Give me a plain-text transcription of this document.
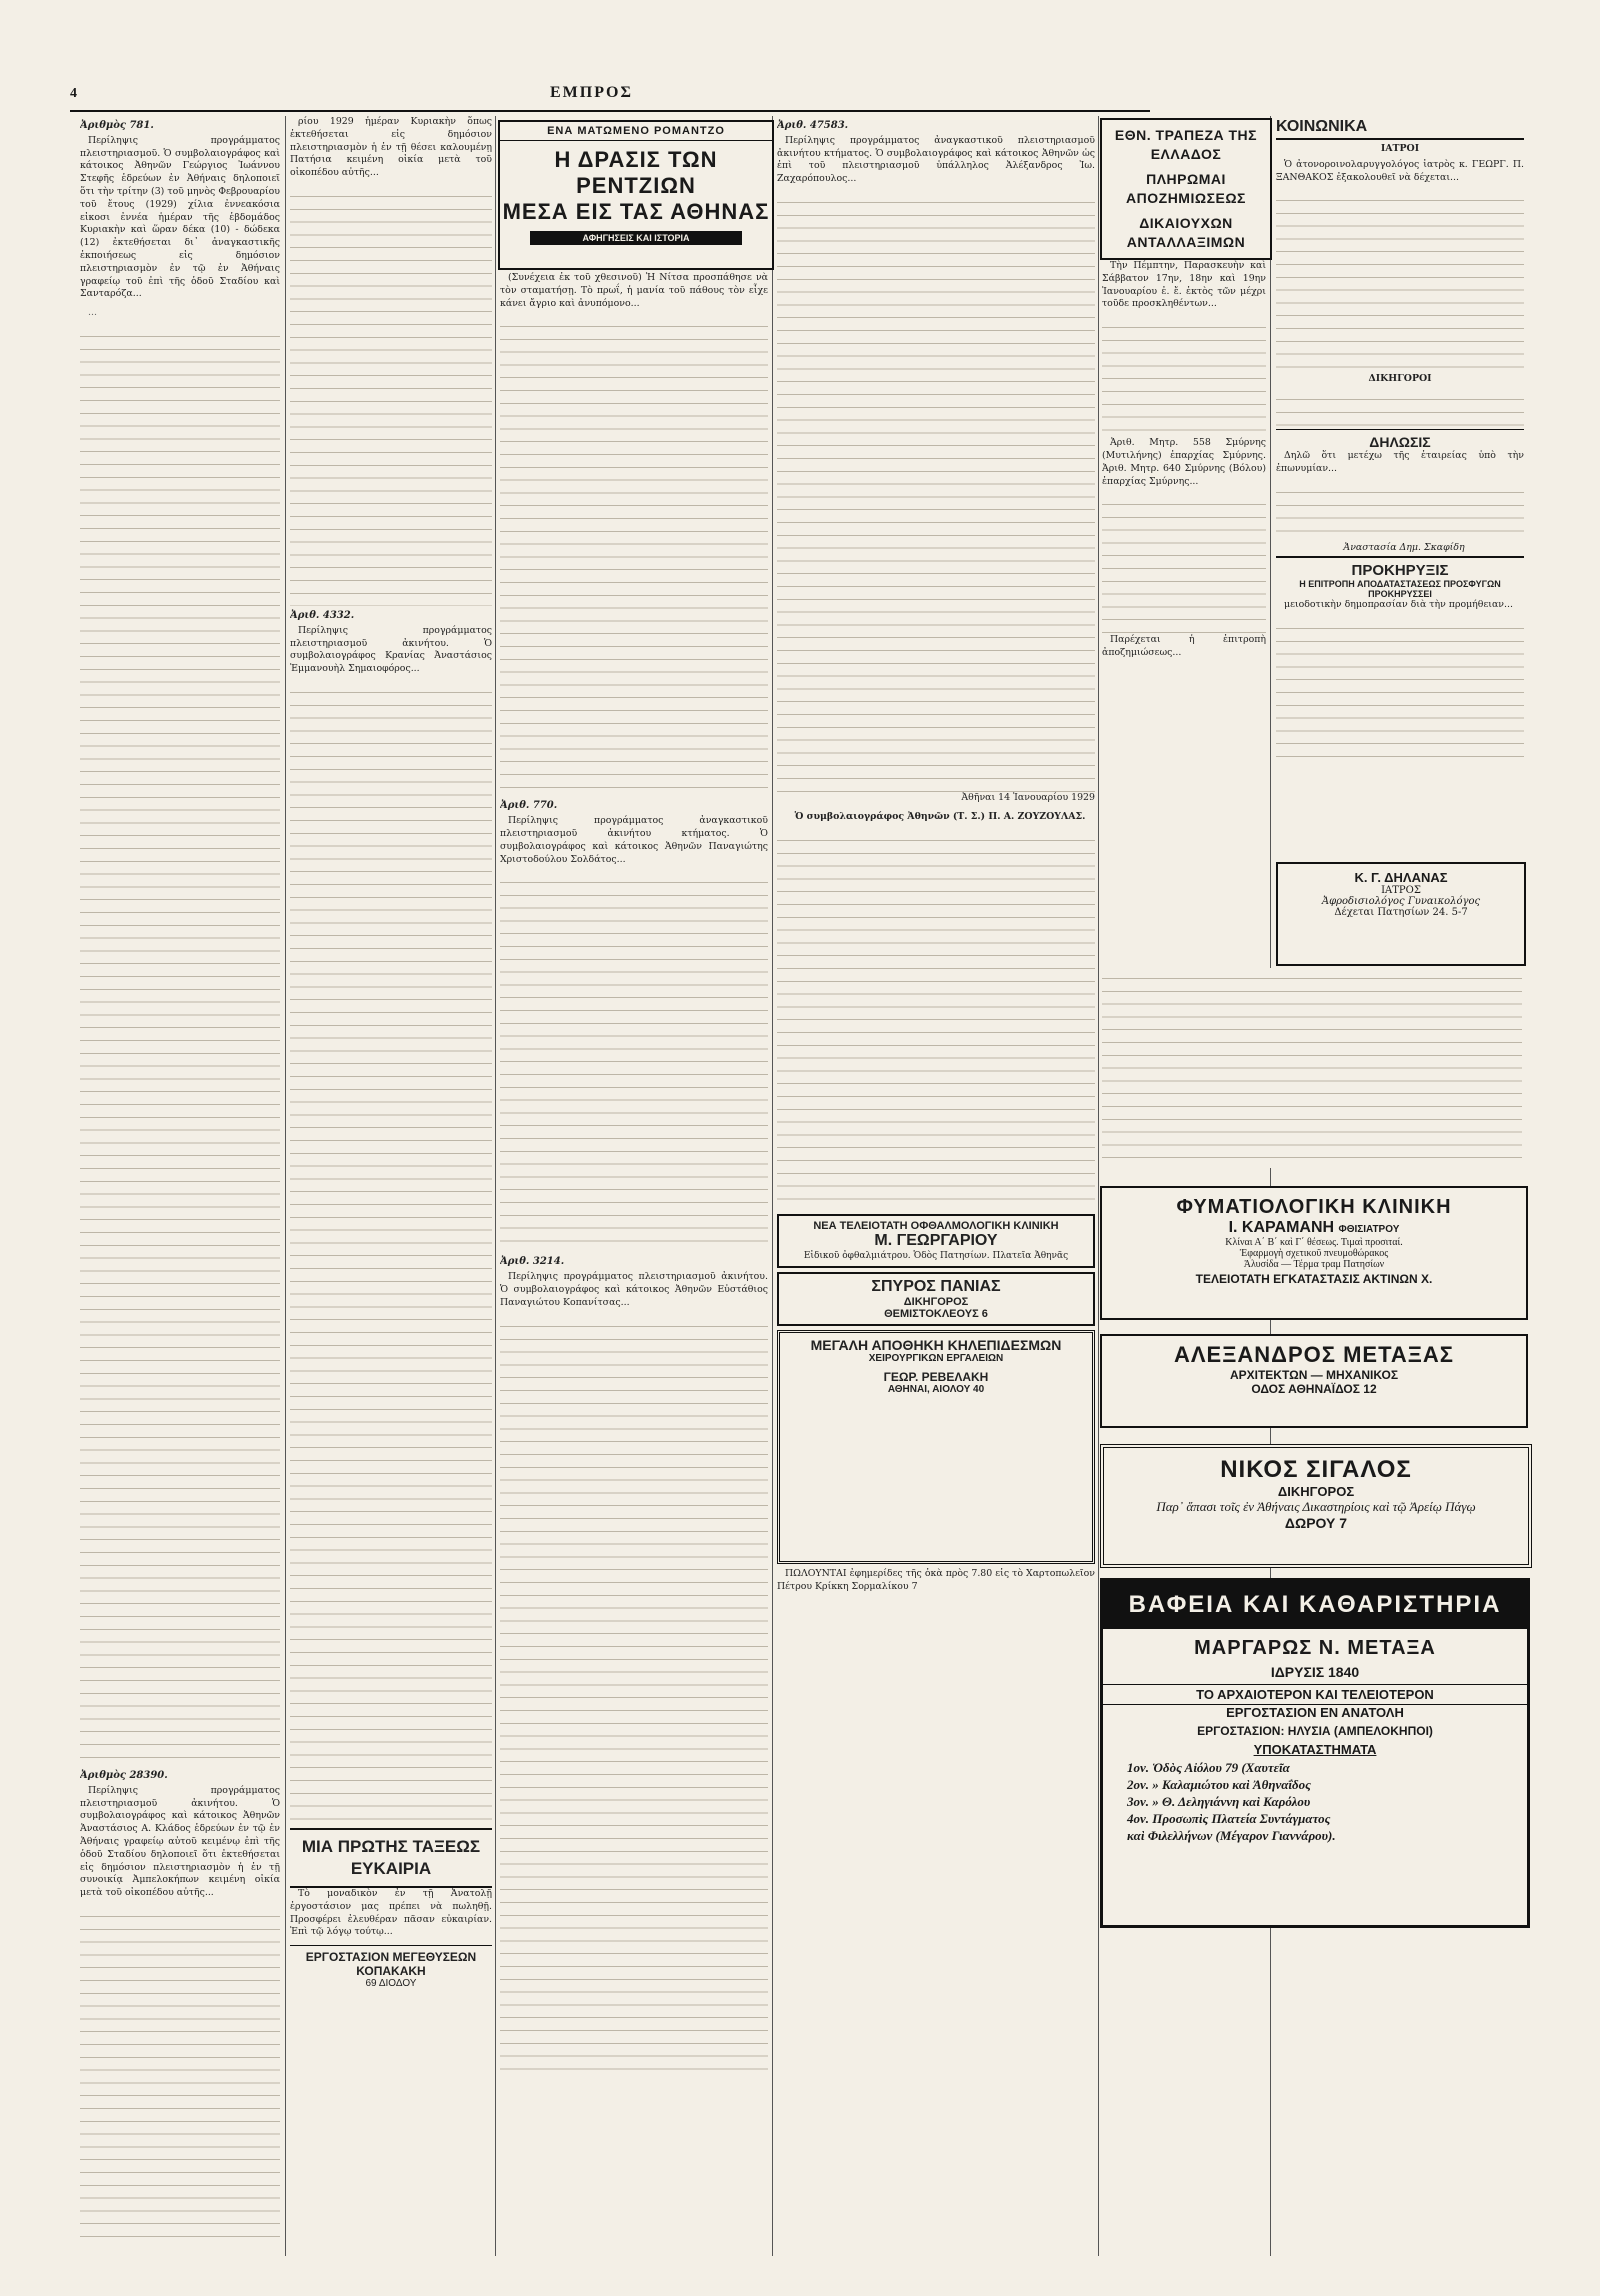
4	ΕΜΠΡΟΣ
Ἀριθμὸς 781.

Περίληψις προγράμματος πλειστηριασμοῦ. Ὁ συμβολαιογράφος καὶ κάτοικος Ἀθηνῶν Γεώργιος Ἰωάννου Στεφῆς ἑδρεύων ἐν Ἀθήναις δηλοποιεῖ ὅτι τὴν τρίτην (3) τοῦ μηνὸς Φεβρουαρίου τοῦ ἔτους (1929) χίλια ἐννεακόσια εἰκοσι ἐννέα ἡμέραν τῆς ἑβδομάδος Κυριακὴν καὶ ὥραν δέκα (10) - δώδεκα (12) ἐκτεθήσεται δι᾽ ἀναγκαστικῆς ἐκποιήσεως εἰς δημόσιον πλειστηριασμὸν ἐν τῷ ἐν Ἀθήναις γραφείῳ τοῦ ἐπὶ τῆς ὁδοῦ Σταδίου καὶ Σανταρόζα...

...

Ἀριθμὸς 28390.

Περίληψις προγράμματος πλειστηριασμοῦ ἀκινήτου. Ὁ συμβολαιογράφος καὶ κάτοικος Ἀθηνῶν Ἀναστάσιος Α. Κλάδος ἑδρεύων ἐν τῷ ἐν Ἀθήναις γραφείῳ αὐτοῦ κειμένῳ ἐπὶ τῆς ὁδοῦ Σταδίου δηλοποιεῖ ὅτι ἐκτεθήσεται εἰς δημόσιον πλειστηριασμὸν ἡ ἐν τῇ συνοικίᾳ Ἀμπελοκήπων κειμένη οἰκία μετὰ τοῦ οἰκοπέδου αὐτῆς...

ρίου 1929 ἡμέραν Κυριακὴν ὅπως ἐκτεθήσεται εἰς δημόσιον πλειστηριασμὸν ἡ ἐν τῇ θέσει καλουμένῃ Πατήσια κειμένη οἰκία μετὰ τοῦ οἰκοπέδου αὐτῆς...

Ἀριθ. 4332.

Περίληψις προγράμματος πλειστηριασμοῦ ἀκινήτου. Ὁ συμβολαιογράφος Κρανίας Ἀναστάσιος Ἐμμανουὴλ Σημαιοφόρος...

ΜΙΑ ΠΡΩΤΗΣ ΤΑΞΕΩΣ ΕΥΚΑΙΡΙΑ

Τὸ μοναδικὸν ἐν τῇ Ἀνατολῇ ἐργοστάσιον μας πρέπει νὰ πωληθῇ. Προσφέρει ἐλευθέραν πᾶσαν εὐκαιρίαν. Ἐπὶ τῷ λόγῳ τούτῳ...

ΕΡΓΟΣΤΑΣΙΟΝ ΜΕΓΕΘΥΣΕΩΝ ΚΟΠΑΚΑΚΗ
69 ΔΙΟΔΟΥ
ΕΝΑ ΜΑΤΩΜΕΝΟ ΡΟΜΑΝΤΖΟ
Η ΔΡΑΣΙΣ ΤΩΝ ΡΕΝΤΖΙΩΝ
ΜΕΣΑ ΕΙΣ ΤΑΣ ΑΘΗΝΑΣ
ΑΦΗΓΗΣΕΙΣ ΚΑΙ ΙΣΤΟΡΙΑ

(Συνέχεια ἐκ τοῦ χθεσινοῦ) Ἡ Νίτσα προσπάθησε νὰ τὸν σταματήσῃ. Τὸ πρωΐ, ἡ μανία τοῦ πάθους τὸν εἶχε κάνει ἄγριο καὶ ἀνυπόμονο...

Ἀριθ. 770.

Περίληψις προγράμματος ἀναγκαστικοῦ πλειστηριασμοῦ ἀκινήτου κτήματος. Ὁ συμβολαιογράφος καὶ κάτοικος Ἀθηνῶν Παναγιώτης Χριστοδούλου Σολδάτος...

Ἀριθ. 3214.

Περίληψις προγράμματος πλειστηριασμοῦ ἀκινήτου. Ὁ συμβολαιογράφος καὶ κάτοικος Ἀθηνῶν Εὐστάθιος Παναγιώτου Κοπανίτσας...

Ἀριθ. 47583.

Περίληψις προγράμματος ἀναγκαστικοῦ πλειστηριασμοῦ ἀκινήτου κτήματος. Ὁ συμβολαιογράφος καὶ κάτοικος Ἀθηνῶν ὡς ἐπὶ τοῦ πλειστηριασμοῦ ὑπάλληλος Ἀλέξανδρος Ἰω. Ζαχαρόπουλος...

Ἀθῆναι 14 Ἰανουαρίου 1929

Ὁ συμβολαιογράφος Ἀθηνῶν (Τ. Σ.) Π. Α. ΖΟΥΖΟΥΛΑΣ.

ΝΕΑ ΤΕΛΕΙΟΤΑΤΗ ΟΦΘΑΛΜΟΛΟΓΙΚΗ ΚΛΙΝΙΚΗ
Μ. ΓΕΩΡΓΑΡΙΟΥ
Εἰδικοῦ ὀφθαλμιάτρου. Ὁδὸς Πατησίων. Πλατεῖα Ἀθηνᾶς
ΣΠΥΡΟΣ ΠΑΝΙΑΣ
ΔΙΚΗΓΟΡΟΣ
ΘΕΜΙΣΤΟΚΛΕΟΥΣ 6
ΜΕΓΑΛΗ ΑΠΟΘΗΚΗ ΚΗΛΕΠΙΔΕΣΜΩΝ
ΧΕΙΡΟΥΡΓΙΚΩΝ ΕΡΓΑΛΕΙΩΝ
ΓΕΩΡ. ΡΕΒΕΛΑΚΗ
ΑΘΗΝΑΙ, ΑΙΟΛΟΥ 40

ΠΩΛΟΥΝΤΑΙ ἐφημερίδες τῆς ὀκὰ πρὸς 7.80 εἰς τὸ Χαρτοπωλεῖον Πέτρου Κρίκκη Σορμαλίκου 7

ΕΘΝ. ΤΡΑΠΕΖΑ ΤΗΣ ΕΛΛΑΔΟΣ
ΠΛΗΡΩΜΑΙ ΑΠΟΖΗΜΙΩΣΕΩΣ
ΔΙΚΑΙΟΥΧΩΝ ΑΝΤΑΛΛΑΞΙΜΩΝ

Τὴν Πέμπτην, Παρασκευὴν καὶ Σάββατον 17ην, 18ην καὶ 19ην Ἰανουαρίου ἐ. ἔ. ἐκτὸς τῶν μέχρι τοῦδε προσκληθέντων...

Ἀριθ. Μητρ. 558 Σμύρνης (Μυτιλήνης) ἐπαρχίας Σμύρνης. Ἀριθ. Μητρ. 640 Σμύρνης (Βόλου) ἐπαρχίας Σμύρνης...

Παρέχεται ἡ ἐπιτροπὴ ἀποζημιώσεως...

ΚΟΙΝΩΝΙΚΑ
ΙΑΤΡΟΙ

Ὁ ἀτονοροινολαρυγγολόγος ἰατρὸς κ. ΓΕΩΡΓ. Π. ΞΑΝΘΑΚΟΣ ἐξακολουθεῖ νὰ δέχεται...

ΔΙΚΗΓΟΡΟΙ
ΔΗΛΩΣΙΣ

Δηλῶ ὅτι μετέχω τῆς ἐταιρείας ὑπὸ τὴν ἐπωνυμίαν...

Ἀναστασία Δημ. Σκαφίδη

ΠΡΟΚΗΡΥΞΙΣ
Η ΕΠΙΤΡΟΠΗ ΑΠΟΔΑΤΑΣΤΑΣΕΩΣ ΠΡΟΣΦΥΓΩΝ
ΠΡΟΚΗΡΥΣΣΕΙ

μειοδοτικὴν δημοπρασίαν διὰ τὴν προμήθειαν...

Κ. Γ. ΔΗΛΑΝΑΣ
ΙΑΤΡΟΣ
Ἀφροδισιολόγος Γυναικολόγος
Δέχεται Πατησίων 24. 5-7
ΦΥΜΑΤΙΟΛΟΓΙΚΗ ΚΛΙΝΙΚΗ
Ι. ΚΑΡΑΜΑΝΗ ΦΘΙΣΙΑΤΡΟΥ
Κλίναι Α΄ Β΄ καὶ Γ΄ θέσεως. Τιμαὶ προσιταί.
Ἐφαρμογὴ σχετικοῦ πνευμοθώρακος
Ἀλυσίδα — Τέρμα τραμ Πατησίων
ΤΕΛΕΙΟΤΑΤΗ ΕΓΚΑΤΑΣΤΑΣΙΣ ΑΚΤΙΝΩΝ Χ.
ΑΛΕΞΑΝΔΡΟΣ ΜΕΤΑΞΑΣ
ΑΡΧΙΤΕΚΤΩΝ — ΜΗΧΑΝΙΚΟΣ
ΟΔΟΣ ΑΘΗΝΑΪΔΟΣ 12
ΝΙΚΟΣ ΣΙΓΑΛΟΣ
ΔΙΚΗΓΟΡΟΣ
Παρ᾽ ἅπασι τοῖς ἐν Ἀθήναις Δικαστηρίοις καὶ τῷ Ἀρείῳ Πάγῳ
ΔΩΡΟΥ 7
ΒΑΦΕΙΑ ΚΑΙ ΚΑΘΑΡΙΣΤΗΡΙΑ
ΜΑΡΓΑΡΩΣ Ν. ΜΕΤΑΞΑ
ΙΔΡΥΣΙΣ 1840
ΤΟ ΑΡΧΑΙΟΤΕΡΟΝ ΚΑΙ ΤΕΛΕΙΟΤΕΡΟΝ
ΕΡΓΟΣΤΑΣΙΟΝ ΕΝ ΑΝΑΤΟΛΗ
ΕΡΓΟΣΤΑΣΙΟΝ: ΗΛΥΣΙΑ (ΑΜΠΕΛΟΚΗΠΟΙ)
ΥΠΟΚΑΤΑΣΤΗΜΑΤΑ
1ον. Ὁδὸς Αἰόλου 79 (Χαυτεῖα
2ον. » Καλαμιώτου καὶ Ἀθηναΐδος
3ον. » Θ. Δεληγιάννη καὶ Καρόλου
4ον. Προσωπὶς Πλατεία Συντάγματος
καὶ Φιλελλήνων (Μέγαρον Γιαννάρου).
